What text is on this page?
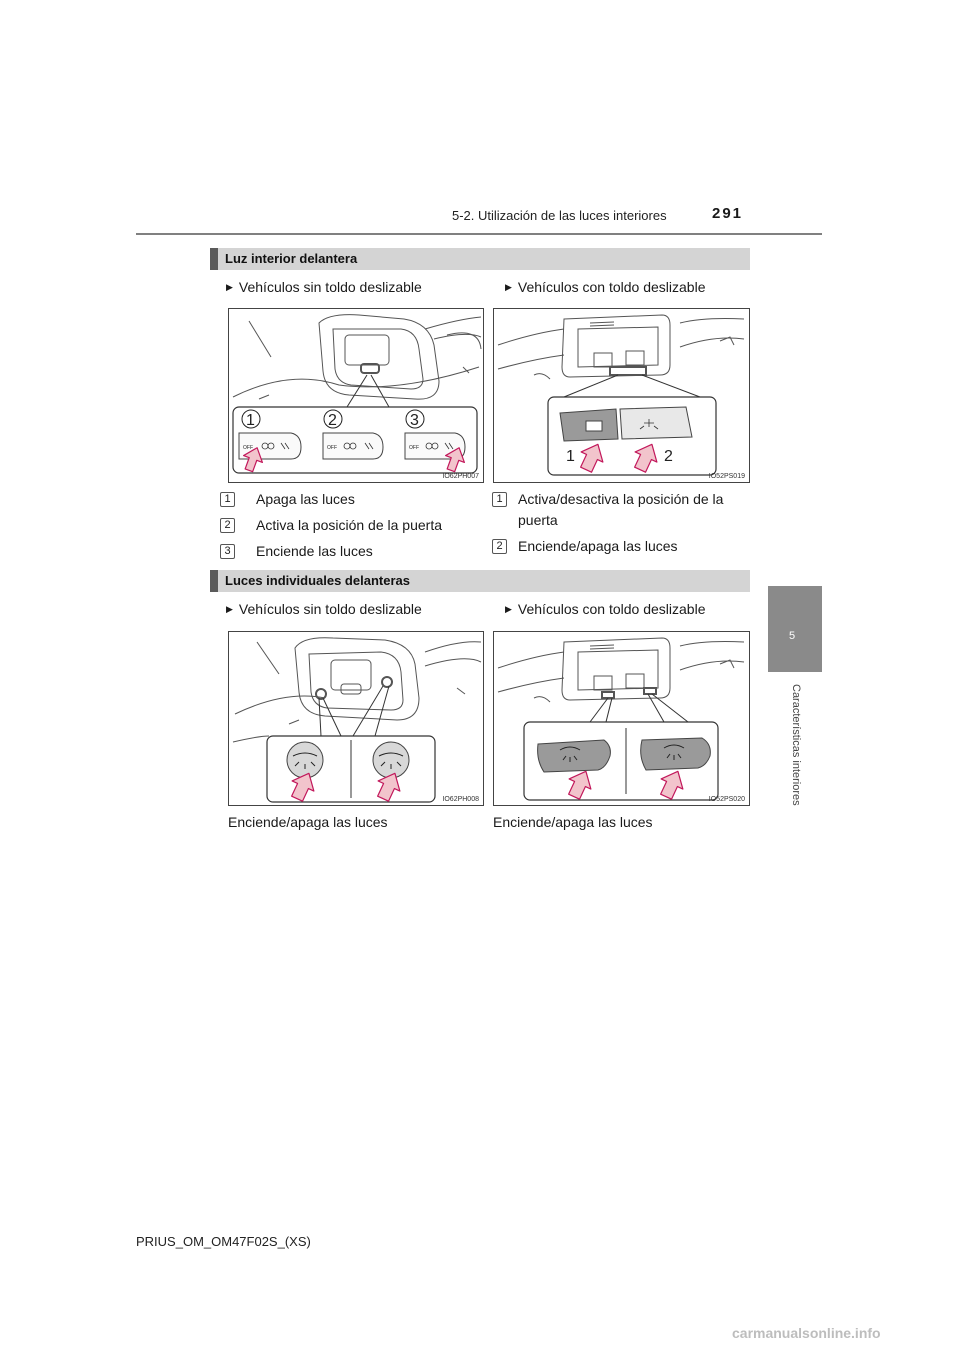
5-2. Utilización de las luces interiores	291
5
Características interiores
Luz interior delantera
▶ Vehículos sin toldo deslizable	▶ Vehículos con toldo deslizable
OFF	OFF	OFF
1	2	3
IO62PH007
1	2
IO52PS019
1	Apaga las luces
2	Activa la posición de la puerta
3	Enciende las luces
1	Activa/desactiva la posición de la
puerta
2	Enciende/apaga las luces
Luces individuales delanteras
▶ Vehículos sin toldo deslizable	▶ Vehículos con toldo deslizable
IO62PH008	IO52PS020
Enciende/apaga las luces	Enciende/apaga las luces
PRIUS_OM_OM47F02S_(XS)
carmanualsonline.info
